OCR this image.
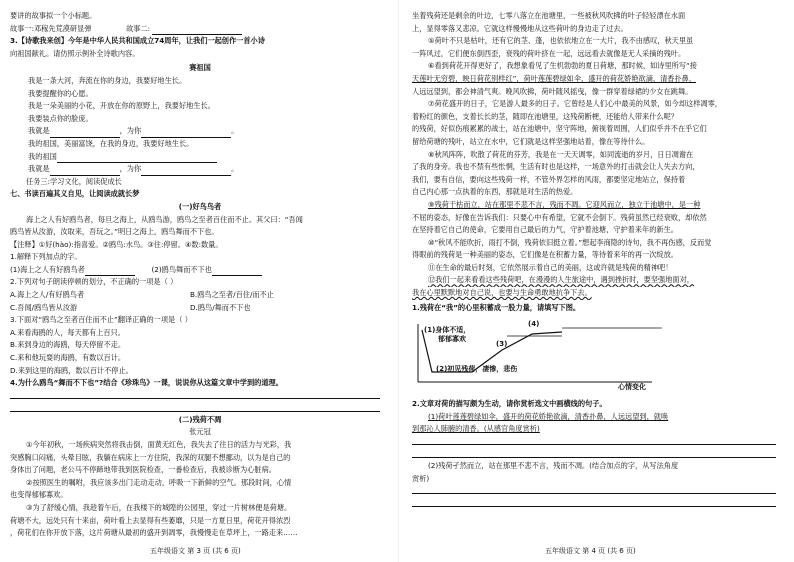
要讲的故事拟一个小标题。
故事一:邓稼先荒漠研显弹	故事二:
3.【诗歌我来创】今年是中华人民共和国成立74周年，让我们一起创作一首小诗
向祖国献礼。请仿照示例补全诗歌内容。
赛祖国
我是一条大河，奔流在你的身边，我要好地生长。
我要提醒你的心愿。
我是一朵美丽的小花，开放在你的原野上，我要好地生长。
我要装点你的脸庞。
我就是	，为你	。
我的祖国，美丽富饶，在我的身边，我要好地生长。
我的祖国
我就是	，为你	。
任务三:学习文化，阅读促成长
七、书读百遍其义自见，让阅读成就长梦
(一)好鸟鸟者
海上之人有好鸥鸟者，每旦之海上，从鸥鸟游，鸥鸟之至者百住而不止。其父曰：“吾闻
鸥鸟皆从汝游，汝取来，吾玩之。”明日之海上，鸥鸟舞而不下也。
【注释】①好(hào):指喜爱。②鸥鸟:水鸟。③住:停留。④数:数量。
1.解释下列加点的字。
(1)海上之人有好鸥鸟者	(2)鸥鸟舞而不下也
2.下列对句子朗读停顿的划分，不正确的一项是（ ）
A.海上之人/有好鸥鸟者	B.鸥鸟之至者/百住/而不止
C.吾闻/鸥鸟皆从汝游	D.鸥鸟/舞而不下也
3.下面对“鸥鸟之至者百住而不止”翻译正确的一项是（ ）
A.来看海鸥的人，每天都有上百只。
B.来到身边的海鸥，每天停留不走。
C.来和他玩耍的海鸥，有数以百计。
D.来到这里的海鸥，数以百计不停止。
4.为什么鸥鸟“舞而不下也”?结合《珍珠鸟》一课，说说你从这篇文章中学到的道理。
(二)残荷不凋
张元冠
①今年初秋，一场疾病突然将我击倒，面黄无红色，我失去了往日的活力与光彩，我
突感胸口闷痛，头晕目眩，我躺在病床上一方住院，我深的双腿不想挪动，以为是自己的
身体出了问题，老公马不停蹄地带我到医院检查，一番检查后，我被诊断为心脏病。
②按照医生的嘱咐，我应该多出门走动走动，呼吸一下新鲜的空气。那段时间，心情
也变得郁郁寡欢。
③为了舒缓心情，我趁着午后，在我楼下的城隍的公园里，穿过一片树林便是荷塘。
荷塘不大，远处只有十来亩，荷叶看上去显得有些萎靡，只是一方夏日里，荷花开得浓烈
，荷花们在你开放下落，这片荷塘从最初的盛开到凋零，我慢慢走在草坪上，一路走来……
五年级语文 第 3 页 (共 6 页)
坐着残荷还是剩余的叶边，七零八落立在池塘里，一些被秋风吹拂的叶子轻轻漂在水面
上，显得零落又悲凉。它就这样慢慢地从这些荷叶的身边走了过去。
⑤荷叶不只是枯叶，还有它的茎、蓬，也依依地立在一大片，我不由感叹，秋天里虽
一阵风过，它们便东倒西歪，衰残的荷叶挤在一起，远远看去就像是无人采摘的残叶。
⑥看到荷花开得更好了，我想象看见了生机勃勃的夏日荷塘，那时候，如诗里所写“接
天莲叶无穷碧，映日荷花别样红”，荷叶莲莲碧绿如伞，盛开的荷花娇艳欲滴，清香扑鼻，
人远远望到，都会神清气爽。晚风吹拂，荷叶随风摇曳，像一群穿着绿裙的少女在跳舞。
⑦荷花盛开的日子，它是游人最多的日子。它曾经是人们心中最美的风景，如今却这样凋零，
着粉红的颜色，支着长长的茎，随即在池塘里，这残荷断梗，还能给人带来什么呢？
的残荷，好似伤痕累累的战士，站在池塘中，坚守阵地，俯视着周围，人们似乎并不在乎它们
留给荷塘的残叶，站立在水中，它们就是这样坚强地站着，像在等待什么。
⑧秋风阵阵，吹散了荷花的芬芳，我是在一天天调零，如同流逝的岁月，日日凋谢在
了我的身旁。我也不禁有些怅惘，生活有时也是这样，一场意外的打击就会让人失去方向，
我们，要有自信，要向这些残荷一样，不管外界怎样的风雨，都要坚定地站立，保持着
自己内心那一点执着的东西，那就是对生活的热爱。
⑨残荷干枯而立，站在那里不悲不言，残而不凋。它迎风而立，独立于池塘中，是一种
不屈的姿态，好像在告诉我们：只要心中有希望，它就不会倒下。残荷虽然已经衰败，却依然
在坚持着它自己的使命，它要用自己最后的力气，守护着池塘，守护着来年的新生。
⑩“秋风不能吹折，雨打不倒，残荷依旧挺立着。”想起李商隐的诗句，我不再伤感，反而觉
得眼前的残荷是一种美丽的姿态，它们像是在积蓄力量，等待着来年的再一次绽放。
⑪在生命的最后时刻，它依然展示着自己的美丽，这或许就是残荷的精神吧！
⑫我们一起来看看这些残荷吧，在漫漫的人生旅途中，遇到挫折时，要坚强地面对，
我在心里默默地对自己说，也要与生命勇敢地抗争下去。
1.残荷在“我”的心里积蓄成一股力量，请填写下图。
(1)身体不适，
郁郁寡欢
(2)初见残荷，凄惨，悲伤
(3)
(4)
心情变化
2.文章对荷的描写颇为生动，请你赏析选文中画横线的句子。
(1)荷叶莲莲碧绿如伞，盛开的荷花娇艳欲滴，清香扑鼻，人远远望到，就唤
到那沁人肺腑的清香。(从感官角度赏析)
(2)残荷孑然而立，站在那里不悲不言，残而不凋。(结合加点的字，从写法角度
赏析)
五年级语文 第 4 页 (共 6 页)
